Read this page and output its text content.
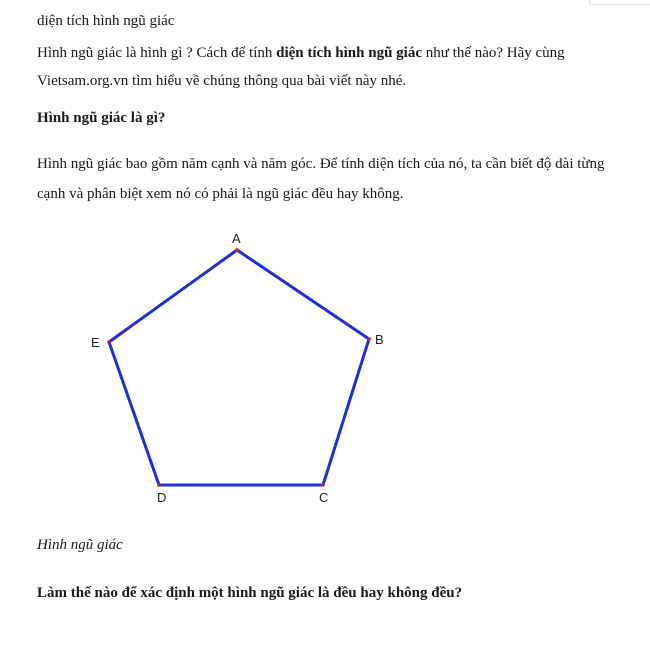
diện tích hình ngũ giác

Hình ngũ giác là hình gì ? Cách để tính diện tích hình ngũ giác như thế nào? Hãy cùng Vietsam.org.vn tìm hiểu về chúng thông qua bài viết này nhé.

Hình ngũ giác là gì?

Hình ngũ giác bao gồm năm cạnh và năm góc. Để tính diện tích của nó, ta cần biết độ dài từng cạnh và phân biệt xem nó có phải là ngũ giác đều hay không.

A
B
C
D
E

Hình ngũ giác

Làm thế nào để xác định một hình ngũ giác là đều hay không đều?
